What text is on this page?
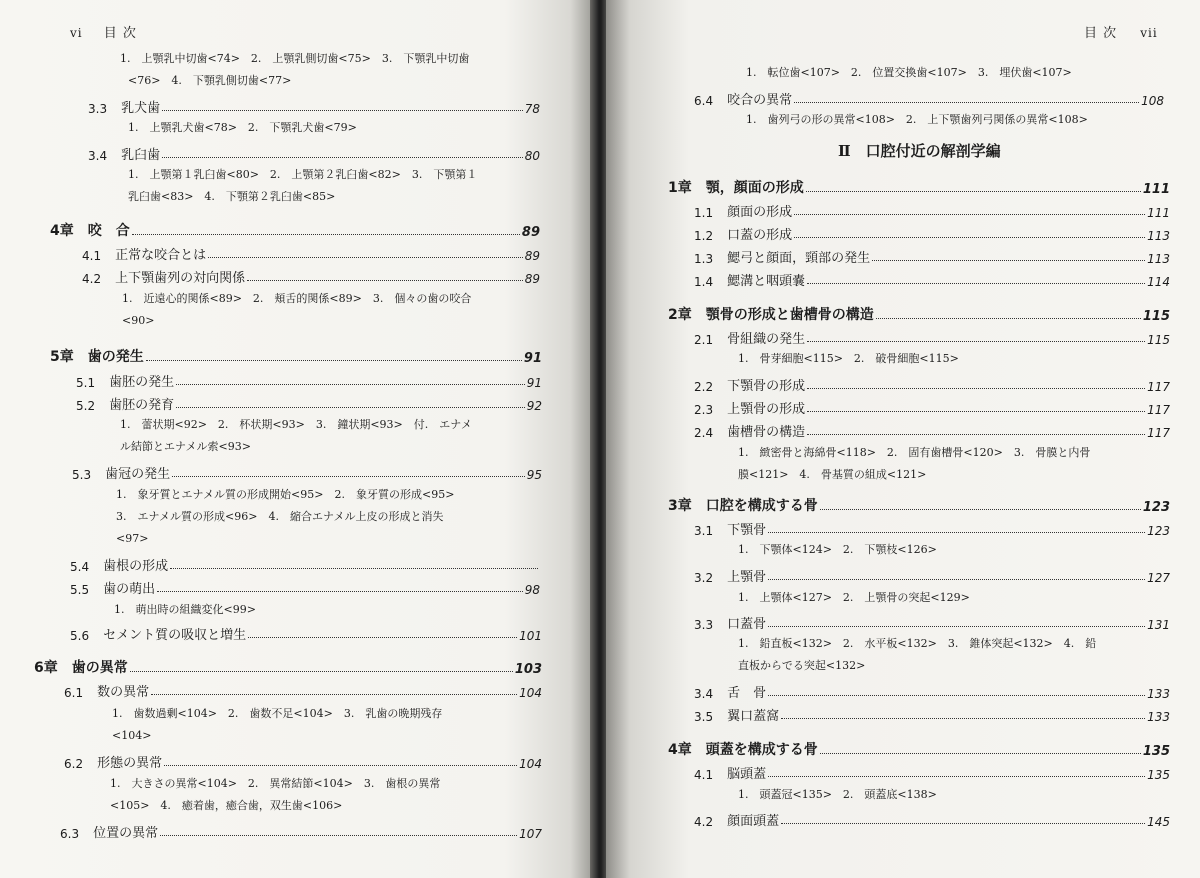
vi 目 次
1.　上顎乳中切歯<74>　2.　上顎乳側切歯<75>　3.　下顎乳中切歯
<76>　4.　下顎乳側切歯<77>
3.3 乳犬歯	78
1.　上顎乳犬歯<78>　2.　下顎乳犬歯<79>
3.4 乳臼歯	80
1.　上顎第１乳臼歯<80>　2.　上顎第２乳臼歯<82>　3.　下顎第１
乳臼歯<83>　4.　下顎第２乳臼歯<85>
4章 咬　合	89
4.1 正常な咬合とは	89
4.2 上下顎歯列の対向関係	89
1.　近遠心的関係<89>　2.　頬舌的関係<89>　3.　個々の歯の咬合
<90>
5章 歯の発生	91
5.1 歯胚の発生	91
5.2 歯胚の発育	92
1.　蕾状期<92>　2.　杯状期<93>　3.　鐘状期<93>　付.　エナメ
ル結節とエナメル索<93>
5.3 歯冠の発生	95
1.　象牙質とエナメル質の形成開始<95>　2.　象牙質の形成<95>
3.　エナメル質の形成<96>　4.　縮合エナメル上皮の形成と消失
<97>
5.4 歯根の形成
5.5 歯の萌出	98
1.　萌出時の組織変化<99>
5.6 セメント質の吸収と増生	101
6章 歯の異常	103
6.1 数の異常	104
1.　歯数過剰<104>　2.　歯数不足<104>　3.　乳歯の晩期残存
<104>
6.2 形態の異常	104
1.　大きさの異常<104>　2.　異常結節<104>　3.　歯根の異常
<105>　4.　癒着歯，癒合歯，双生歯<106>
6.3 位置の異常	107
目 次 vii
1.　転位歯<107>　2.　位置交換歯<107>　3.　埋伏歯<107>
6.4 咬合の異常	108
1.　歯列弓の形の異常<108>　2.　上下顎歯列弓関係の異常<108>
Ⅱ　口腔付近の解剖学編
1章 顎，顔面の形成	111
1.1 顔面の形成	111
1.2 口蓋の形成	113
1.3 鰓弓と顔面，頸部の発生	113
1.4 鰓溝と咽頭嚢	114
2章 顎骨の形成と歯槽骨の構造	115
2.1 骨組織の発生	115
1.　骨芽細胞<115>　2.　破骨細胞<115>
2.2 下顎骨の形成	117
2.3 上顎骨の形成	117
2.4 歯槽骨の構造	117
1.　緻密骨と海綿骨<118>　2.　固有歯槽骨<120>　3.　骨膜と内骨
膜<121>　4.　骨基質の組成<121>
3章 口腔を構成する骨	123
3.1 下顎骨	123
1.　下顎体<124>　2.　下顎枝<126>
3.2 上顎骨	127
1.　上顎体<127>　2.　上顎骨の突起<129>
3.3 口蓋骨	131
1.　鉛直板<132>　2.　水平板<132>　3.　錐体突起<132>　4.　鉛
直板からでる突起<132>
3.4 舌　骨	133
3.5 翼口蓋窩	133
4章 頭蓋を構成する骨	135
4.1 脳頭蓋	135
1.　頭蓋冠<135>　2.　頭蓋底<138>
4.2 顔面頭蓋	145
